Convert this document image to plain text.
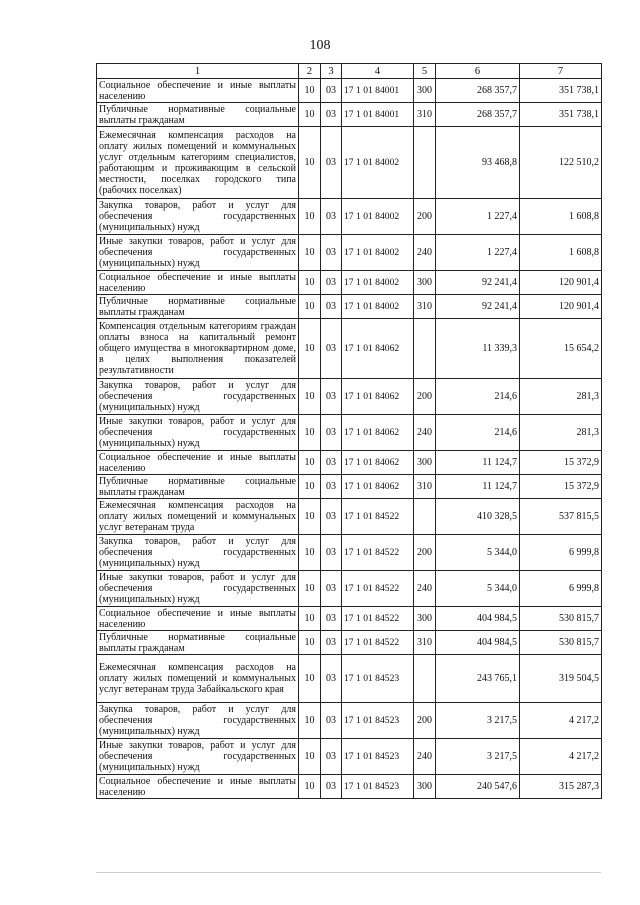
108
1	2	3	4	5	6	7
Социальное обеспечение и иные выплаты населению	10	03	17 1 01 84001	300	268 357,7	351 738,1
Публичные нормативные социальные выплаты гражданам	10	03	17 1 01 84001	310	268 357,7	351 738,1
Ежемесячная компенсация расходов на оплату жилых помещений и коммунальных услуг отдельным категориям специалистов, работающим и проживающим в сельской местности, поселках городского типа (рабочих поселках)	10	03	17 1 01 84002		93 468,8	122 510,2
Закупка товаров, работ и услуг для обеспечения государственных (муниципальных) нужд	10	03	17 1 01 84002	200	1 227,4	1 608,8
Иные закупки товаров, работ и услуг для обеспечения государственных (муниципальных) нужд	10	03	17 1 01 84002	240	1 227,4	1 608,8
Социальное обеспечение и иные выплаты населению	10	03	17 1 01 84002	300	92 241,4	120 901,4
Публичные нормативные социальные выплаты гражданам	10	03	17 1 01 84002	310	92 241,4	120 901,4
Компенсация отдельным категориям граждан оплаты взноса на капитальный ремонт общего имущества в многоквартирном доме, в целях выполнения показателей результативности	10	03	17 1 01 84062		11 339,3	15 654,2
Закупка товаров, работ и услуг для обеспечения государственных (муниципальных) нужд	10	03	17 1 01 84062	200	214,6	281,3
Иные закупки товаров, работ и услуг для обеспечения государственных (муниципальных) нужд	10	03	17 1 01 84062	240	214,6	281,3
Социальное обеспечение и иные выплаты населению	10	03	17 1 01 84062	300	11 124,7	15 372,9
Публичные нормативные социальные выплаты гражданам	10	03	17 1 01 84062	310	11 124,7	15 372,9
Ежемесячная компенсация расходов на оплату жилых помещений и коммунальных услуг ветеранам труда	10	03	17 1 01 84522		410 328,5	537 815,5
Закупка товаров, работ и услуг для обеспечения государственных (муниципальных) нужд	10	03	17 1 01 84522	200	5 344,0	6 999,8
Иные закупки товаров, работ и услуг для обеспечения государственных (муниципальных) нужд	10	03	17 1 01 84522	240	5 344,0	6 999,8
Социальное обеспечение и иные выплаты населению	10	03	17 1 01 84522	300	404 984,5	530 815,7
Публичные нормативные социальные выплаты гражданам	10	03	17 1 01 84522	310	404 984,5	530 815,7
Ежемесячная компенсация расходов на оплату жилых помещений и коммунальных услуг ветеранам труда Забайкальского края	10	03	17 1 01 84523		243 765,1	319 504,5
Закупка товаров, работ и услуг для обеспечения государственных (муниципальных) нужд	10	03	17 1 01 84523	200	3 217,5	4 217,2
Иные закупки товаров, работ и услуг для обеспечения государственных (муниципальных) нужд	10	03	17 1 01 84523	240	3 217,5	4 217,2
Социальное обеспечение и иные выплаты населению	10	03	17 1 01 84523	300	240 547,6	315 287,3
